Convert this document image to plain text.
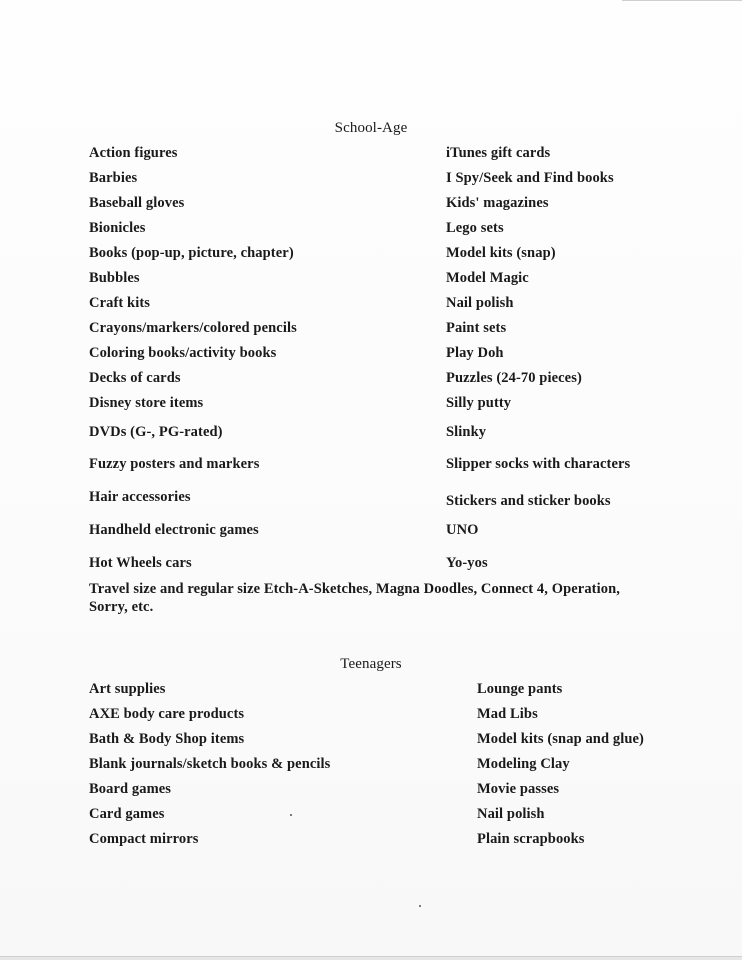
School-Age
Action figures
Barbies
Baseball gloves
Bionicles
Books (pop-up, picture, chapter)
Bubbles
Craft kits
Crayons/markers/colored pencils
Coloring books/activity books
Decks of cards
Disney store items
DVDs (G-, PG-rated)
Fuzzy posters and markers
Hair accessories
Handheld electronic games
Hot Wheels cars
iTunes gift cards
I Spy/Seek and Find books
Kids' magazines
Lego sets
Model kits (snap)
Model Magic
Nail polish
Paint sets
Play Doh
Puzzles (24-70 pieces)
Silly putty
Slinky
Slipper socks with characters
Stickers and sticker books
UNO
Yo-yos
Travel size and regular size Etch-A-Sketches, Magna Doodles, Connect 4, Operation, Sorry, etc.
Teenagers
Art supplies
AXE body care products
Bath & Body Shop items
Blank journals/sketch books & pencils
Board games
Card games
Compact mirrors
Lounge pants
Mad Libs
Model kits (snap and glue)
Modeling Clay
Movie passes
Nail polish
Plain scrapbooks
